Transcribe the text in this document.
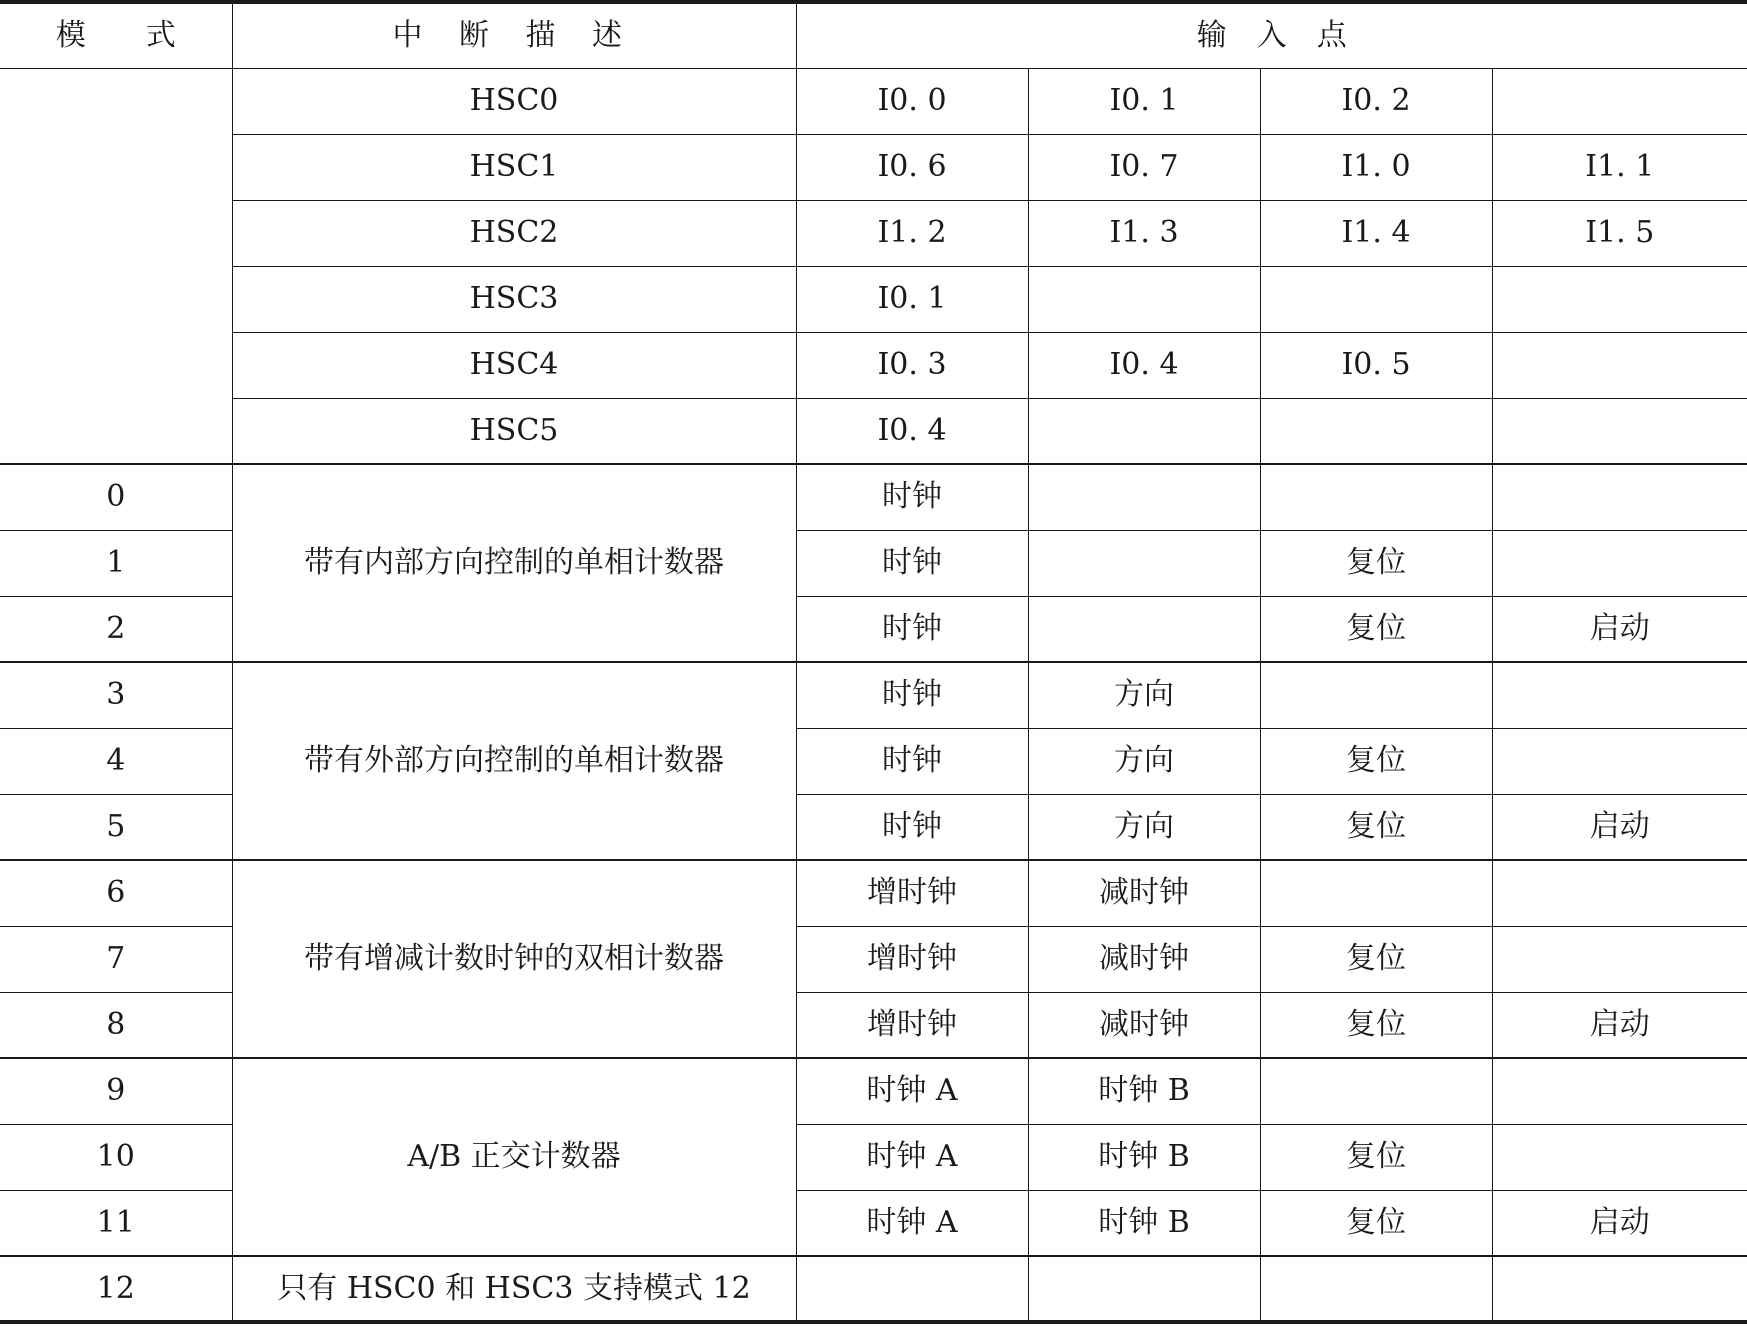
模　　式	中 断 描 述	输　入　点			
	HSC0	I0. 0	I0. 1	I0. 2	
	HSC1	I0. 6	I0. 7	I1. 0	I1. 1
	HSC2	I1. 2	I1. 3	I1. 4	I1. 5
	HSC3	I0. 1			
	HSC4	I0. 3	I0. 4	I0. 5	
	HSC5	I0. 4			
0	带有内部方向控制的单相计数器	时钟			
1		时钟		复位	
2		时钟		复位	启动
3	带有外部方向控制的单相计数器	时钟	方向		
4		时钟	方向	复位	
5		时钟	方向	复位	启动
6	带有增减计数时钟的双相计数器	增时钟	减时钟		
7		增时钟	减时钟	复位	
8		增时钟	减时钟	复位	启动
9	A/B 正交计数器	时钟 A	时钟 B		
10		时钟 A	时钟 B	复位	
11		时钟 A	时钟 B	复位	启动
12	只有 HSC0 和 HSC3 支持模式 12				
